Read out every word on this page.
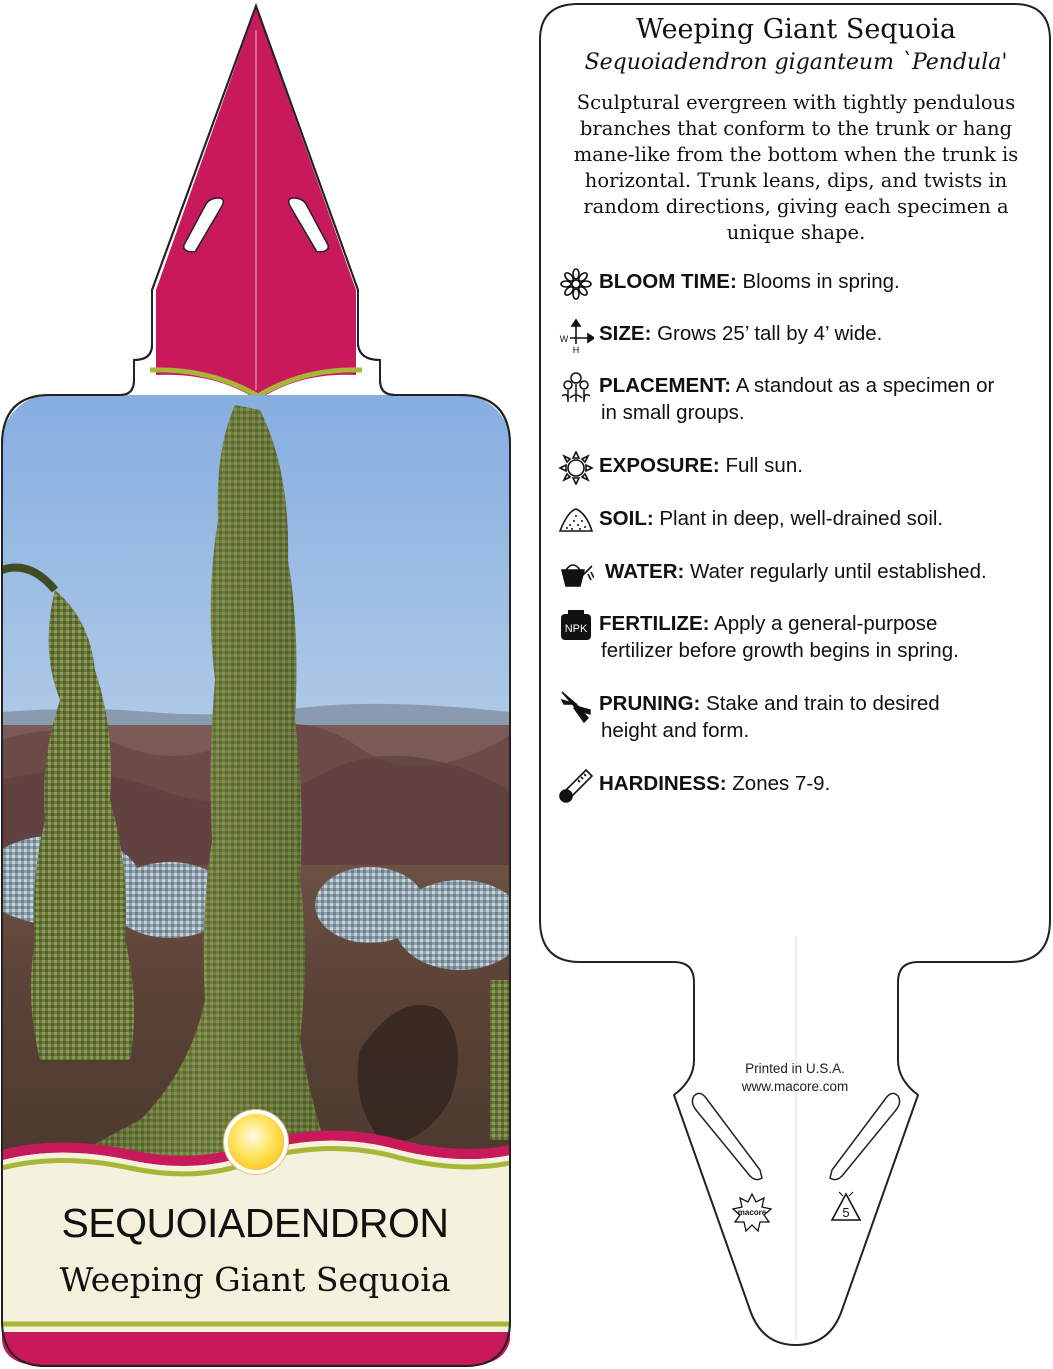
macore	5
SEQUOIADENDRON
Weeping Giant Sequoia
Weeping Giant Sequoia
Sequoiadendron giganteum `Pendula'
Sculptural evergreen with tightly pendulous branches that conform to the trunk or hang mane-like from the bottom when the trunk is horizontal. Trunk leans, dips, and twists in random directions, giving each specimen a unique shape.
BLOOM TIME: Blooms in spring.
W
H
SIZE: Grows 25’ tall by 4’ wide.
PLACEMENT: A standout as a specimen or
in small groups.
EXPOSURE: Full sun.
SOIL: Plant in deep, well-drained soil.
WATER: Water regularly until established.
NPK FERTILIZE: Apply a general-purpose
fertilizer before growth begins in spring.
PRUNING: Stake and train to desired
height and form.
HARDINESS: Zones 7-9.
Printed in U.S.A.
www.macore.com
